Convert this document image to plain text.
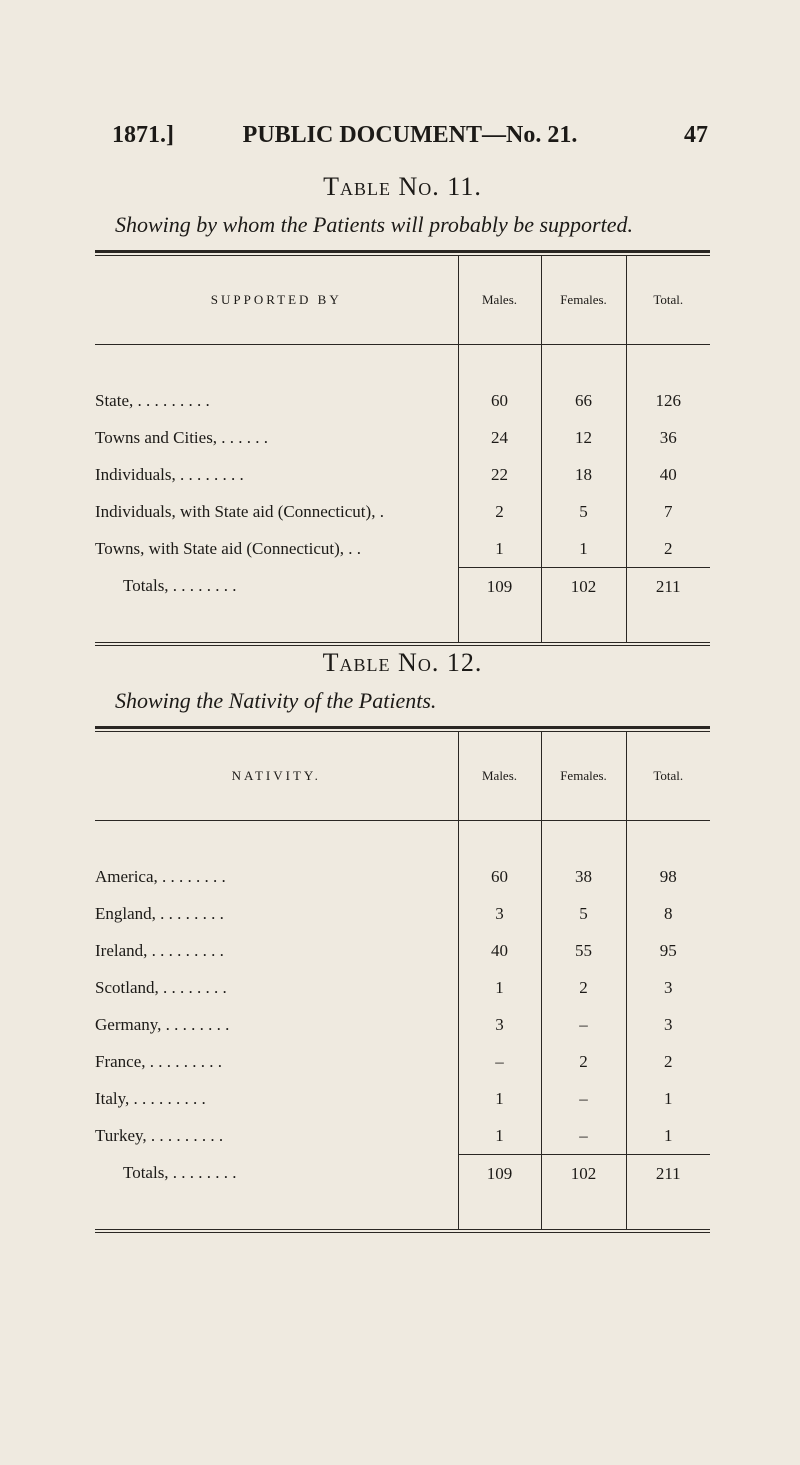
1871.]	PUBLIC DOCUMENT—No. 21.	47

Table No. 11.

Showing by whom the Patients will probably be supported.

SUPPORTED BY	Males.	Females.	Total.

State, . . . . . . . . .	60	66	126
Towns and Cities, . . . . . .	24	12	36
Individuals, . . . . . . . .	22	18	40
Individuals, with State aid (Connecticut), .	2	5	7
Towns, with State aid (Connecticut), . .	1	1	2
Totals, . . . . . . . .	109	102	211

Table No. 12.

Showing the Nativity of the Patients.

NATIVITY.	Males.	Females.	Total.

America, . . . . . . . .	60	38	98
England, . . . . . . . .	3	5	8
Ireland, . . . . . . . . .	40	55	95
Scotland, . . . . . . . .	1	2	3
Germany, . . . . . . . .	3	–	3
France, . . . . . . . . .	–	2	2
Italy, . . . . . . . . .	1	–	1
Turkey, . . . . . . . . .	1	–	1
Totals, . . . . . . . .	109	102	211
